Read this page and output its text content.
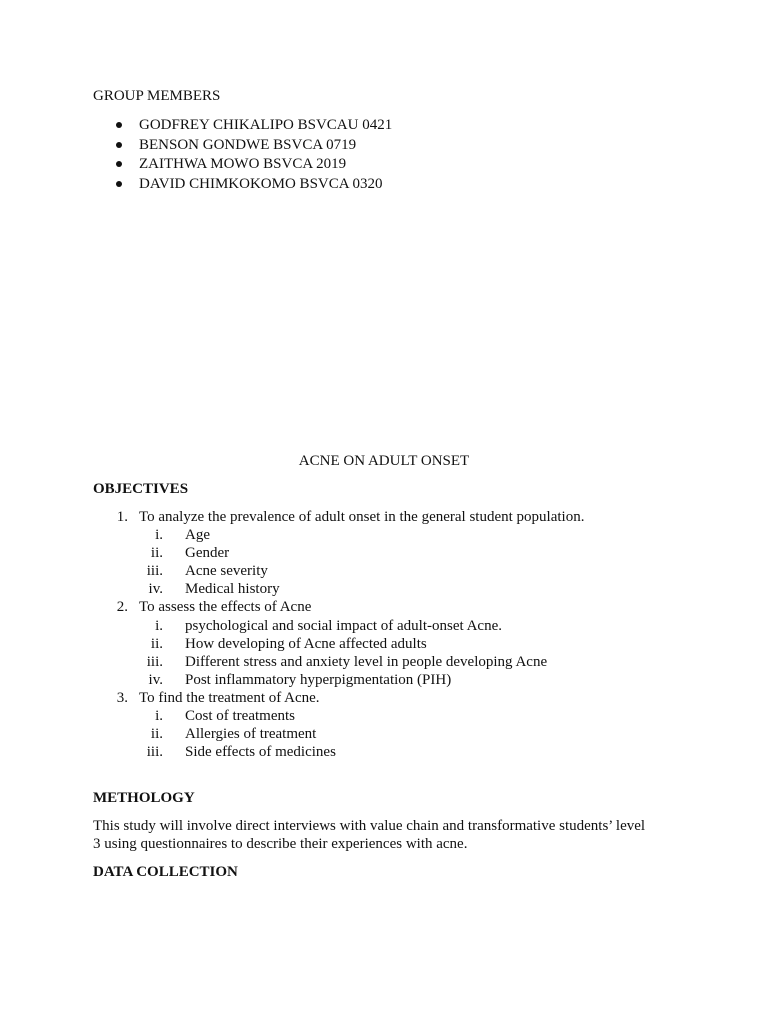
GROUP MEMBERS
GODFREY CHIKALIPO BSVCAU 0421
BENSON GONDWE BSVCA 0719
ZAITHWA MOWO BSVCA 2019
DAVID CHIMKOKOMO BSVCA 0320
ACNE ON ADULT ONSET
OBJECTIVES
1. To analyze the prevalence of adult onset in the general student population.
i. Age
ii. Gender
iii. Acne severity
iv. Medical history
2. To assess the effects of Acne
i. psychological and social impact of adult-onset Acne.
ii. How developing of Acne affected adults
iii. Different stress and anxiety level in people developing Acne
iv. Post inflammatory hyperpigmentation (PIH)
3. To find the treatment of Acne.
i. Cost of treatments
ii. Allergies of treatment
iii. Side effects of medicines
METHOLOGY

This study will involve direct interviews with value chain and transformative students’ level
3 using questionnaires to describe their experiences with acne.

DATA COLLECTION
